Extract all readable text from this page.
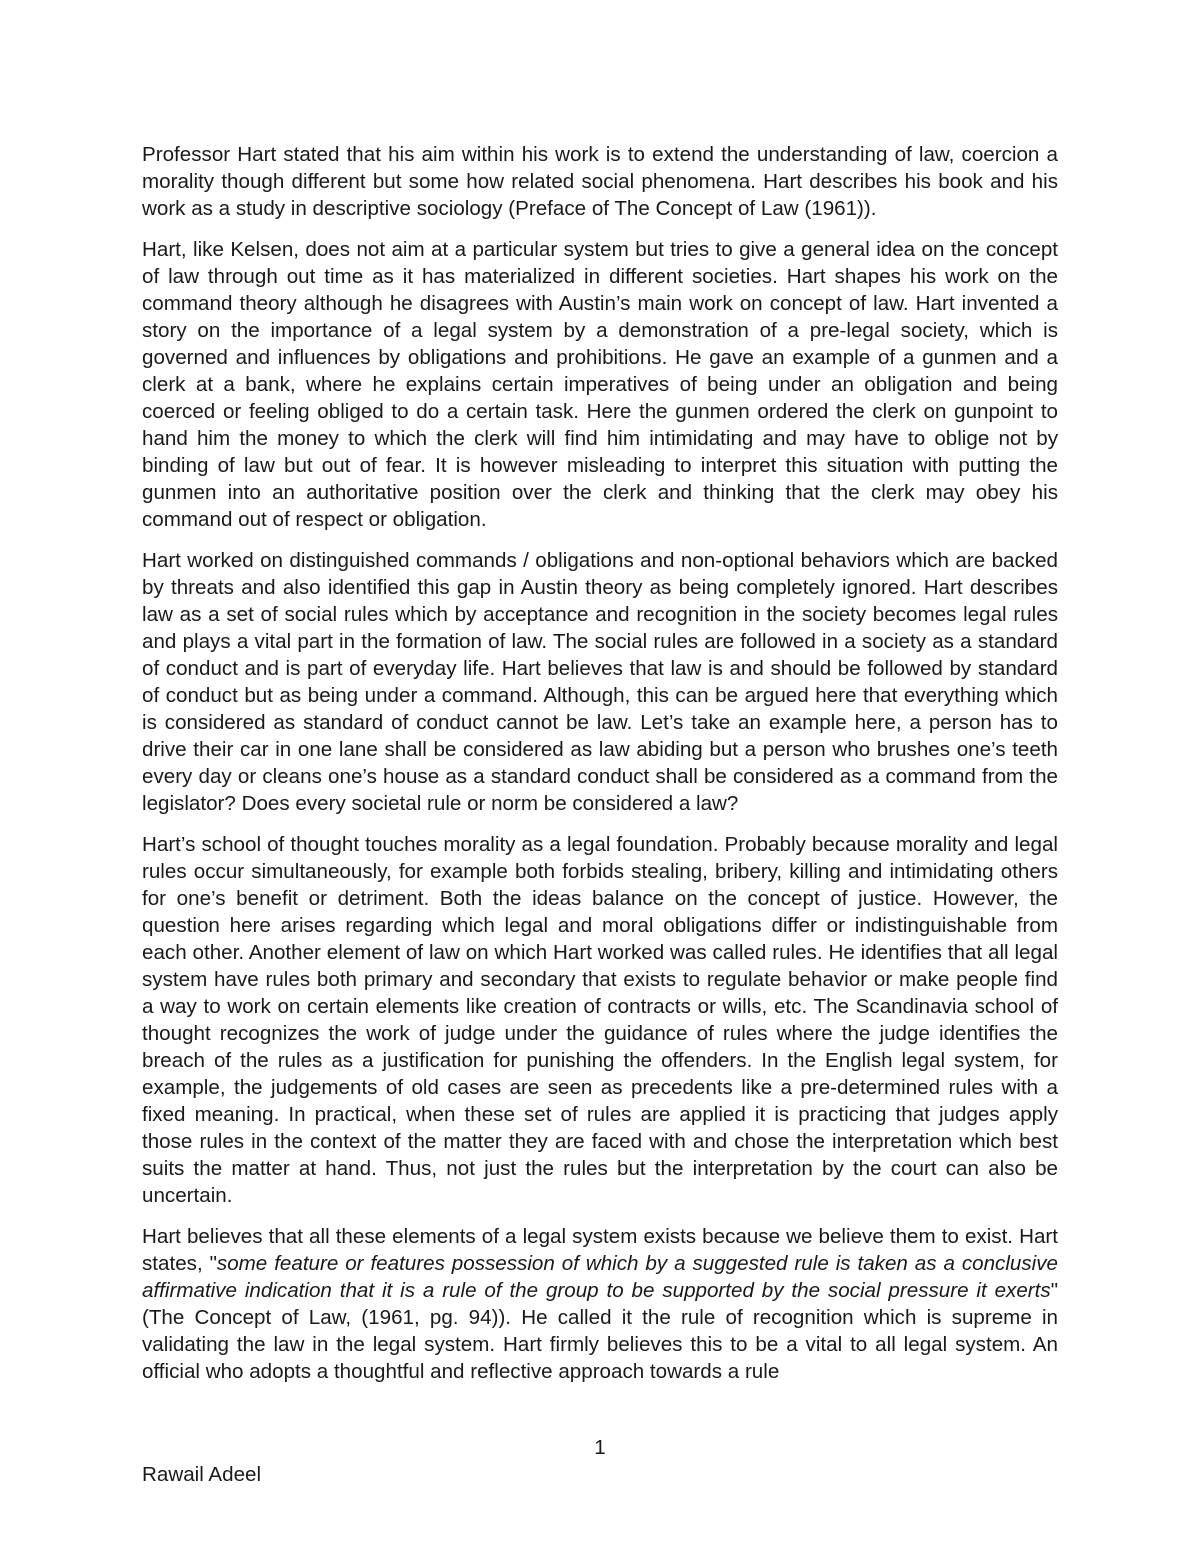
Professor Hart stated that his aim within his work is to extend the understanding of law, coercion a morality though different but some how related social phenomena. Hart describes his book and his work as a study in descriptive sociology (Preface of The Concept of Law (1961)).

Hart, like Kelsen, does not aim at a particular system but tries to give a general idea on the concept of law through out time as it has materialized in different societies. Hart shapes his work on the command theory although he disagrees with Austin’s main work on concept of law. Hart invented a story on the importance of a legal system by a demonstration of a pre-legal society, which is governed and influences by obligations and prohibitions. He gave an example of a gunmen and a clerk at a bank, where he explains certain imperatives of being under an obligation and being coerced or feeling obliged to do a certain task. Here the gunmen ordered the clerk on gunpoint to hand him the money to which the clerk will find him intimidating and may have to oblige not by binding of law but out of fear. It is however misleading to interpret this situation with putting the gunmen into an authoritative position over the clerk and thinking that the clerk may obey his command out of respect or obligation.

Hart worked on distinguished commands / obligations and non-optional behaviors which are backed by threats and also identified this gap in Austin theory as being completely ignored. Hart describes law as a set of social rules which by acceptance and recognition in the society becomes legal rules and plays a vital part in the formation of law. The social rules are followed in a society as a standard of conduct and is part of everyday life. Hart believes that law is and should be followed by standard of conduct but as being under a command. Although, this can be argued here that everything which is considered as standard of conduct cannot be law. Let’s take an example here, a person has to drive their car in one lane shall be considered as law abiding but a person who brushes one’s teeth every day or cleans one’s house as a standard conduct shall be considered as a command from the legislator? Does every societal rule or norm be considered a law?

Hart’s school of thought touches morality as a legal foundation. Probably because morality and legal rules occur simultaneously, for example both forbids stealing, bribery, killing and intimidating others for one’s benefit or detriment. Both the ideas balance on the concept of justice. However, the question here arises regarding which legal and moral obligations differ or indistinguishable from each other. Another element of law on which Hart worked was called rules. He identifies that all legal system have rules both primary and secondary that exists to regulate behavior or make people find a way to work on certain elements like creation of contracts or wills, etc. The Scandinavia school of thought recognizes the work of judge under the guidance of rules where the judge identifies the breach of the rules as a justification for punishing the offenders. In the English legal system, for example, the judgements of old cases are seen as precedents like a pre-determined rules with a fixed meaning. In practical, when these set of rules are applied it is practicing that judges apply those rules in the context of the matter they are faced with and chose the interpretation which best suits the matter at hand. Thus, not just the rules but the interpretation by the court can also be uncertain.

Hart believes that all these elements of a legal system exists because we believe them to exist. Hart states, "some feature or features possession of which by a suggested rule is taken as a conclusive affirmative indication that it is a rule of the group to be supported by the social pressure it exerts" (The Concept of Law, (1961, pg. 94)). He called it the rule of recognition which is supreme in validating the law in the legal system. Hart firmly believes this to be a vital to all legal system. An official who adopts a thoughtful and reflective approach towards a rule

1
Rawail Adeel
